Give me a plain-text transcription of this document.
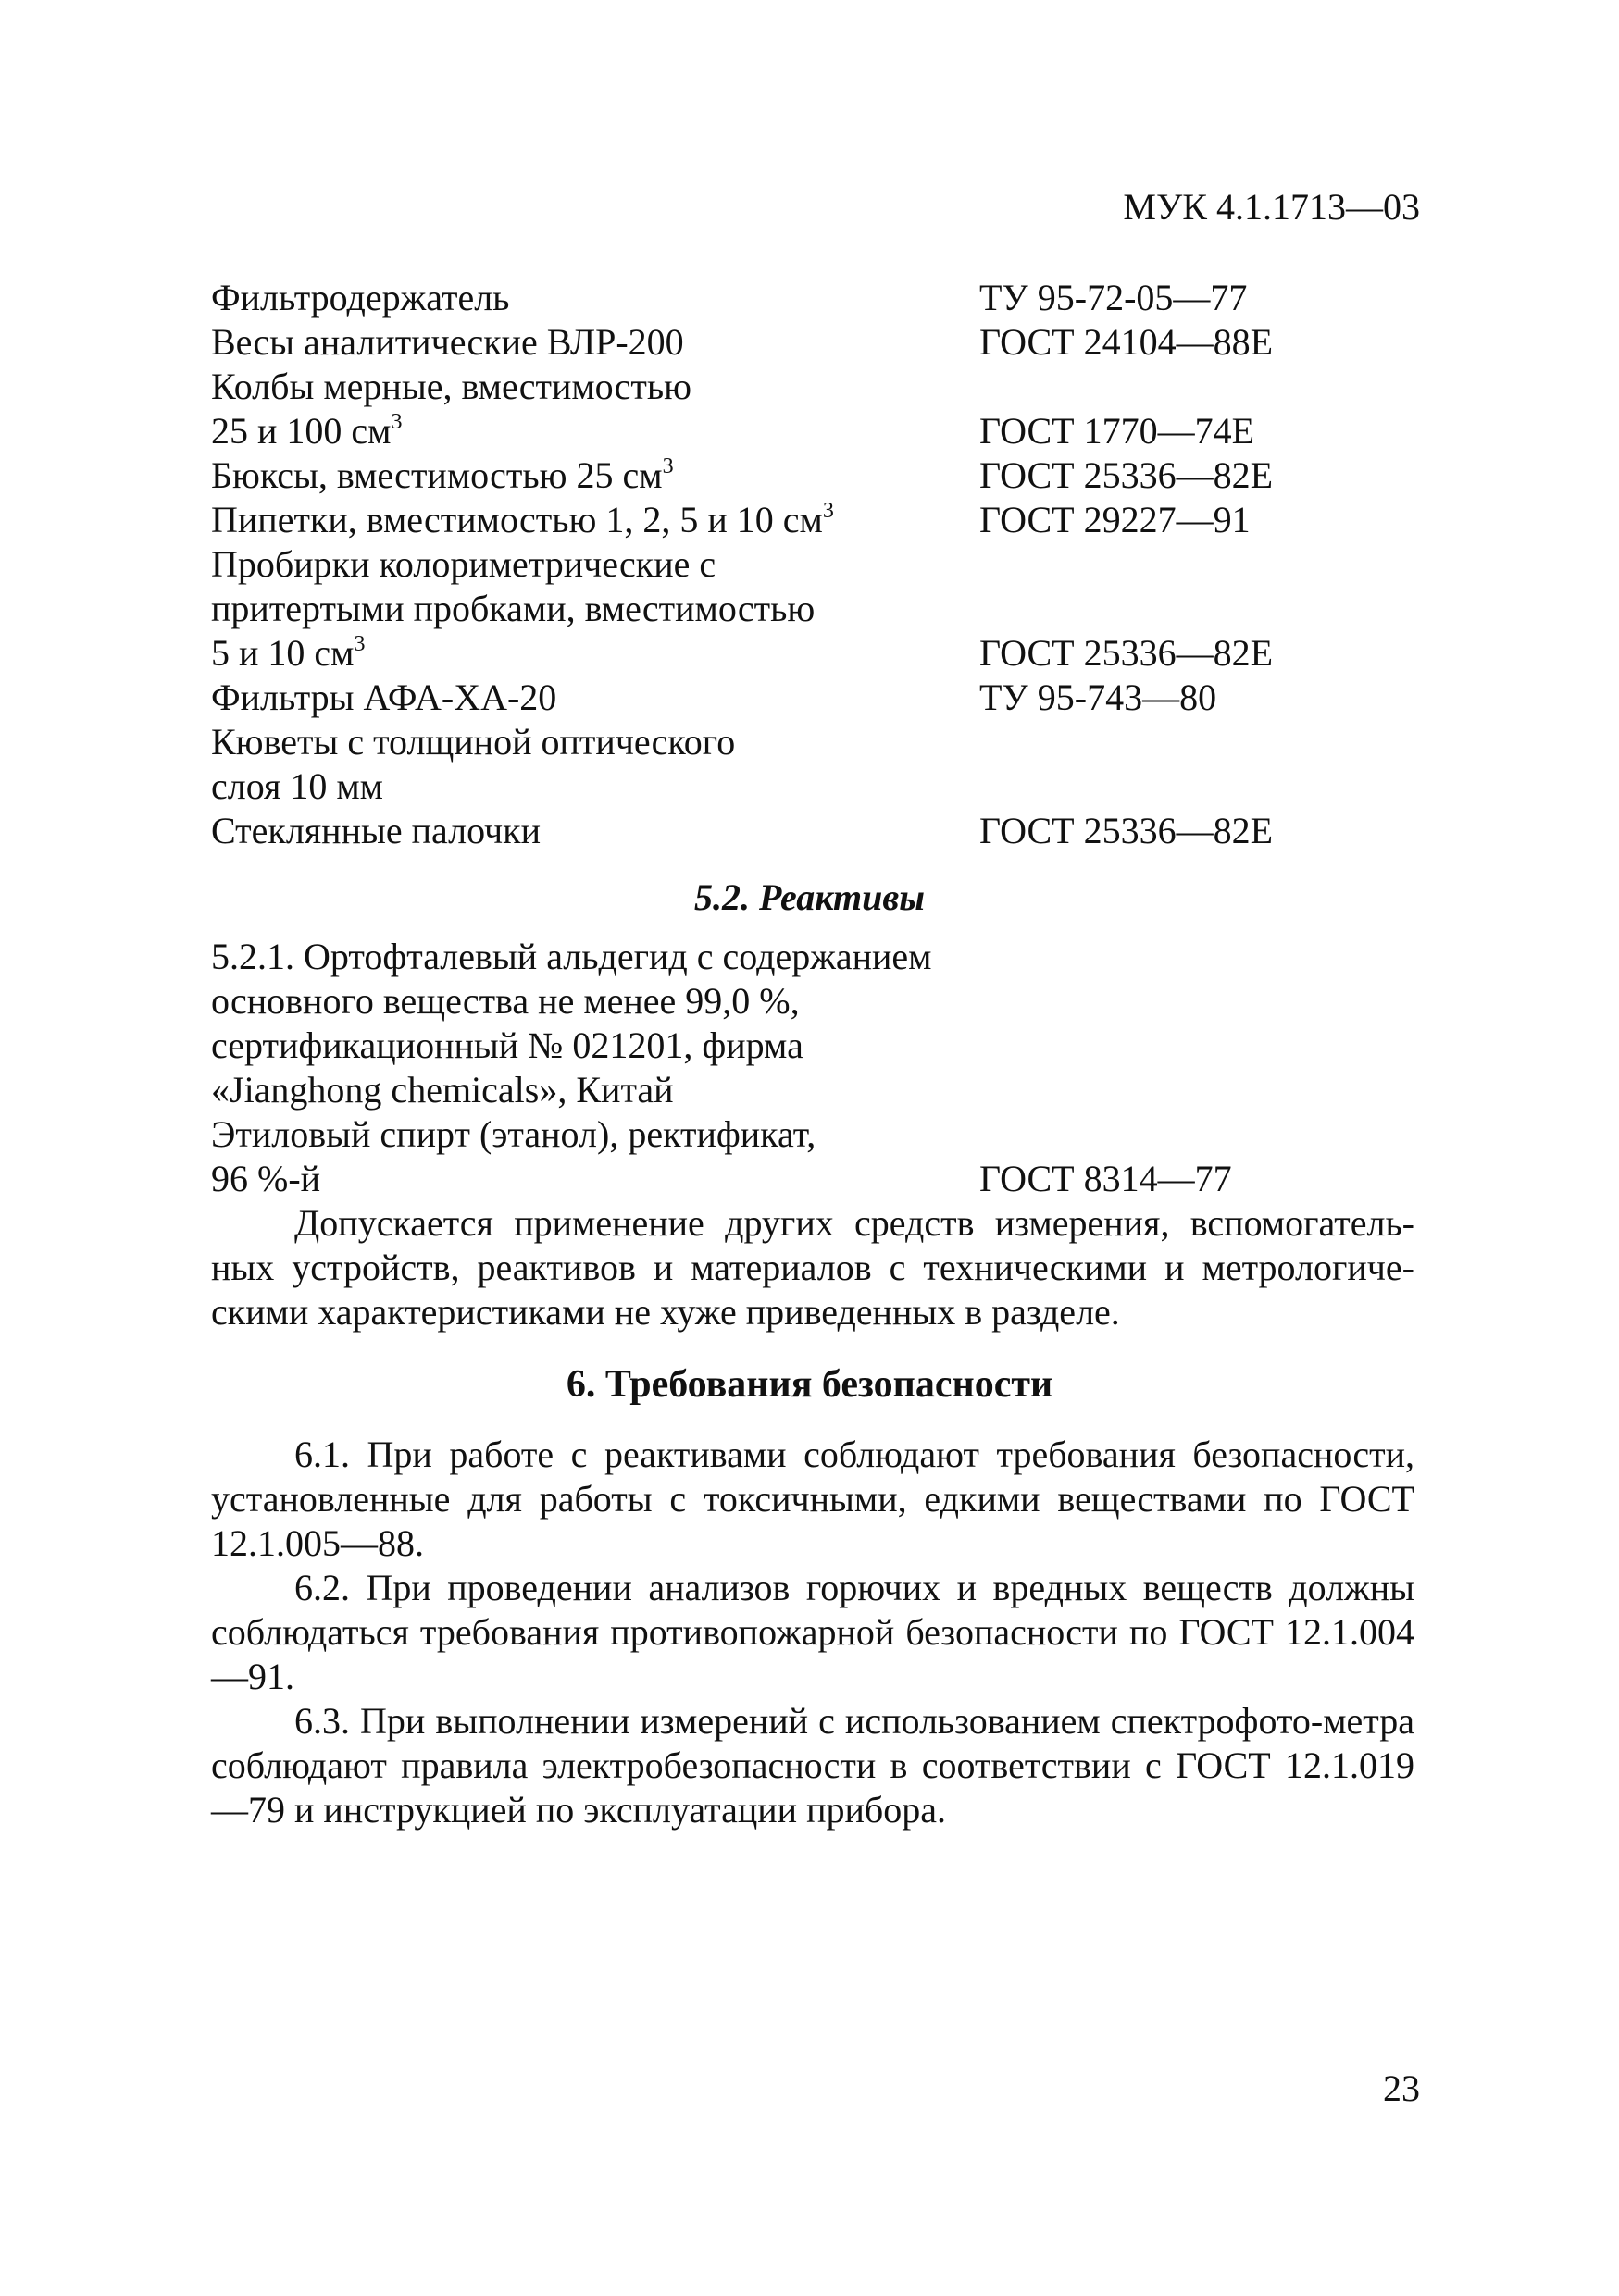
МУК 4.1.1713—03
Фильтродержатель	ТУ 95-72-05—77
Весы аналитические ВЛР-200	ГОСТ 24104—88Е
Колбы мерные, вместимостью
25 и 100 $см^3$	ГОСТ 1770—74Е
Бюксы, вместимостью 25 $см^3$	ГОСТ 25336—82Е
Пипетки, вместимостью 1, 2, 5 и 10 $см^3$	ГОСТ 29227—91
Пробирки колориметрические с
притертыми пробками, вместимостью
5 и 10 $см^3$	ГОСТ 25336—82Е
Фильтры АФА-ХА-20	ТУ 95-743—80
Кюветы с толщиной оптического
слоя 10 мм
Стеклянные палочки	ГОСТ 25336—82Е
5.2. Реактивы
5.2.1. Ортофталевый альдегид с содержанием
основного вещества не менее 99,0 %,
сертификационный № 021201, фирма
«Jianghong chemicals», Китай
Этиловый спирт (этанол), ректификат,
96 %-й	ГОСТ 8314—77
Допускается применение других средств измерения, вспомогатель-ных устройств, реактивов и материалов с техническими и метрологиче-скими характеристиками не хуже приведенных в разделе.
6. Требования безопасности
6.1. При работе с реактивами соблюдают требования безопасности, установленные для работы с токсичными, едкими веществами по ГОСТ 12.1.005—88.
6.2. При проведении анализов горючих и вредных веществ должны соблюдаться требования противопожарной безопасности по ГОСТ 12.1.004—91.
6.3. При выполнении измерений с использованием спектрофото-метра соблюдают правила электробезопасности в соответствии с ГОСТ 12.1.019—79 и инструкцией по эксплуатации прибора.
23
